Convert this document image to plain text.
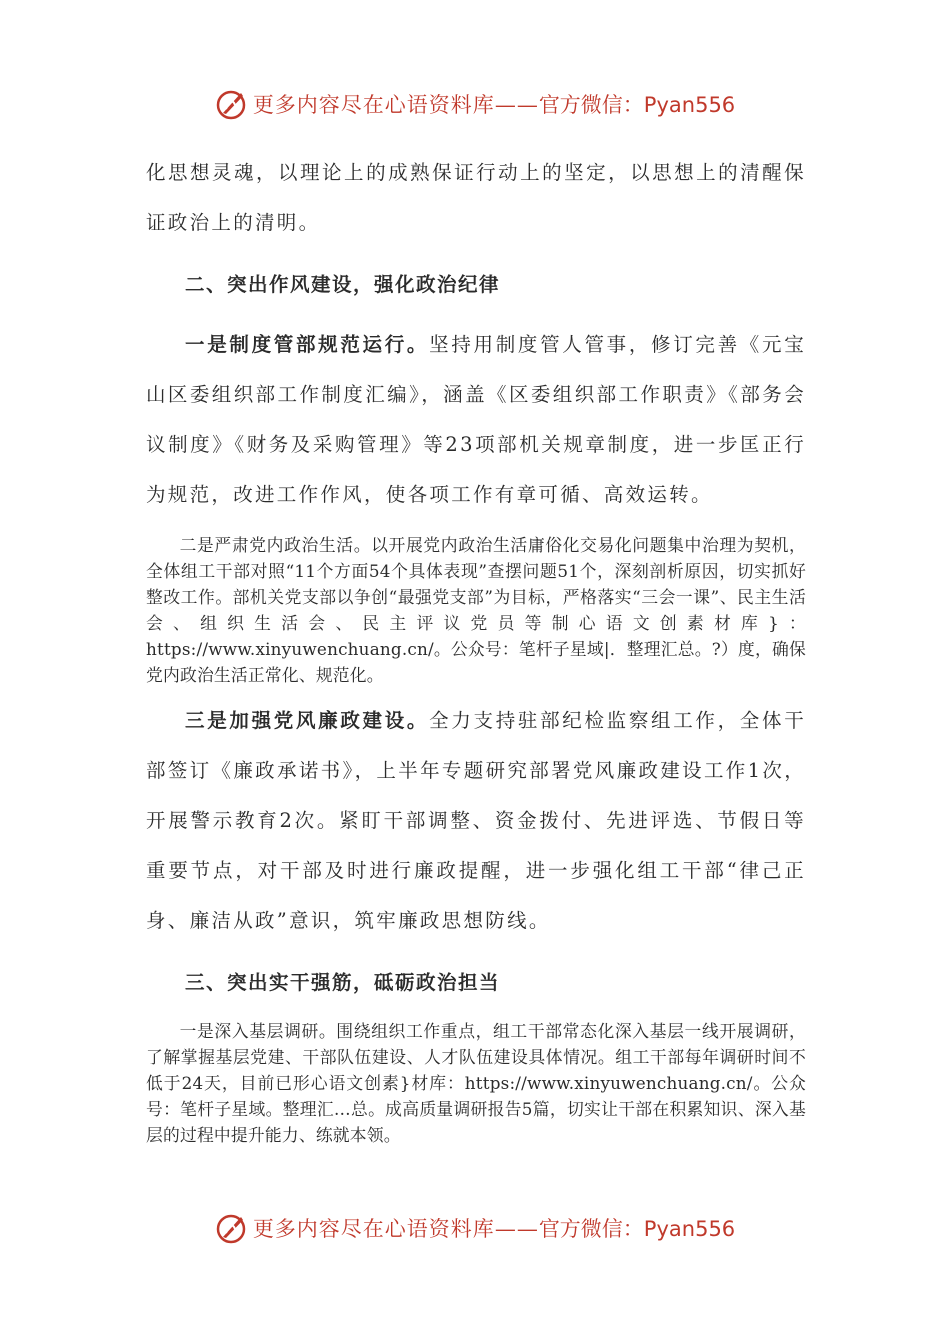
更多内容尽在心语资料库——官方微信：Pyan556

化思想灵魂，以理论上的成熟保证行动上的坚定，以思想上的清醒保证政治上的清明。

二、突出作风建设，强化政治纪律

一是制度管部规范运行。坚持用制度管人管事，修订完善《元宝山区委组织部工作制度汇编》，涵盖《区委组织部工作职责》《部务会议制度》《财务及采购管理》等23项部机关规章制度，进一步匡正行为规范，改进工作作风，使各项工作有章可循、高效运转。

二是严肃党内政治生活。以开展党内政治生活庸俗化交易化问题集中治理为契机，全体组工干部对照“11个方面54个具体表现”查摆问题51个，深刻剖析原因，切实抓好整改工作。部机关党支部以争创“最强党支部”为目标，严格落实“三会一课”、民主生活会、组织生活会、民主评议党员等制心语文创素材库}：https://www.xinyuwenchuang.cn/。公众号：笔杆子星域|．整理汇总。?）度，确保党内政治生活正常化、规范化。

三是加强党风廉政建设。全力支持驻部纪检监察组工作，全体干部签订《廉政承诺书》，上半年专题研究部署党风廉政建设工作1次，开展警示教育2次。紧盯干部调整、资金拨付、先进评选、节假日等重要节点，对干部及时进行廉政提醒，进一步强化组工干部“律己正身、廉洁从政”意识，筑牢廉政思想防线。

三、突出实干强筋，砥砺政治担当

一是深入基层调研。围绕组织工作重点，组工干部常态化深入基层一线开展调研，了解掌握基层党建、干部队伍建设、人才队伍建设具体情况。组工干部每年调研时间不低于24天，目前已形心语文创素}材库：https://www.xinyuwenchuang.cn/。公众号：笔杆子星域。整理汇…总。成高质量调研报告5篇，切实让干部在积累知识、深入基层的过程中提升能力、练就本领。

更多内容尽在心语资料库——官方微信：Pyan556
